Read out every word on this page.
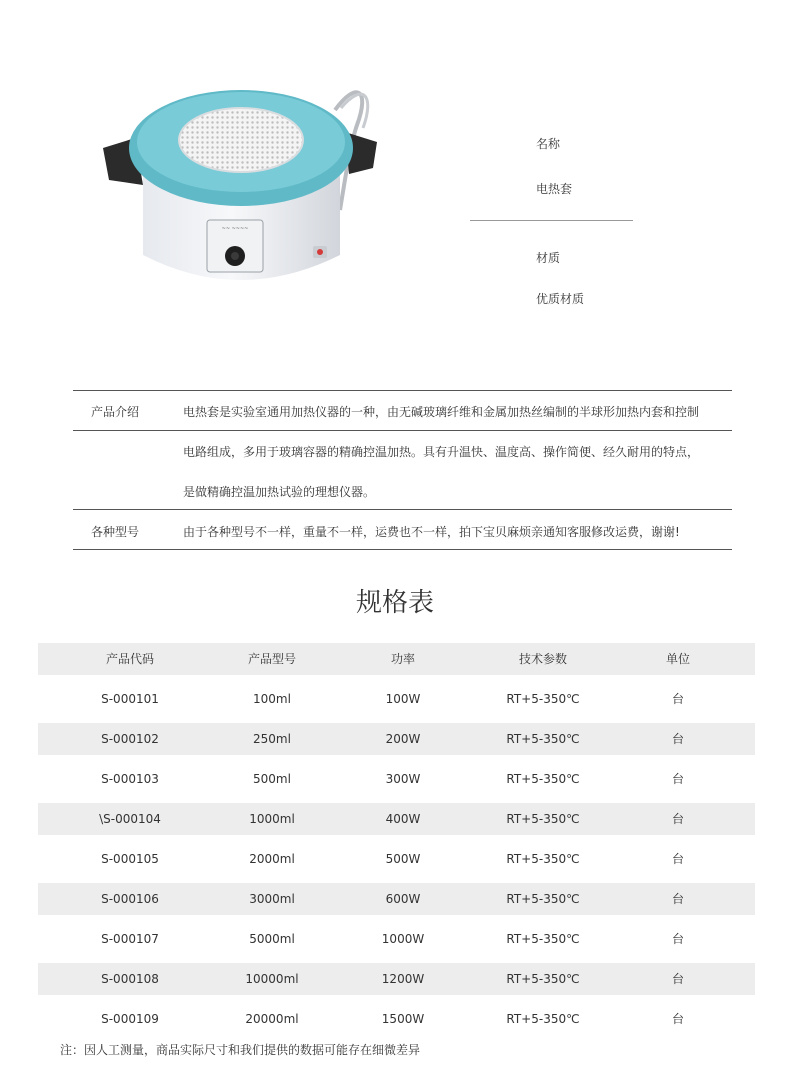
~~ ~~~~
名称
电热套
材质
优质材质
产品介绍	电热套是实验室通用加热仪器的一种，由无碱玻璃纤维和金属加热丝编制的半球形加热内套和控制
电路组成，多用于玻璃容器的精确控温加热。具有升温快、温度高、操作简便、经久耐用的特点，
是做精确控温加热试验的理想仪器。
各种型号	由于各种型号不一样，重量不一样，运费也不一样，拍下宝贝麻烦亲通知客服修改运费，谢谢!
规格表
产品代码	产品型号	功率	技术参数	单位
S-000101	100ml	100W	RT+5-350℃	台
S-000102	250ml	200W	RT+5-350℃	台
S-000103	500ml	300W	RT+5-350℃	台
\S-000104	1000ml	400W	RT+5-350℃	台
S-000105	2000ml	500W	RT+5-350℃	台
S-000106	3000ml	600W	RT+5-350℃	台
S-000107	5000ml	1000W	RT+5-350℃	台
S-000108	10000ml	1200W	RT+5-350℃	台
S-000109	20000ml	1500W	RT+5-350℃	台
注：因人工测量，商品实际尺寸和我们提供的数据可能存在细微差异
